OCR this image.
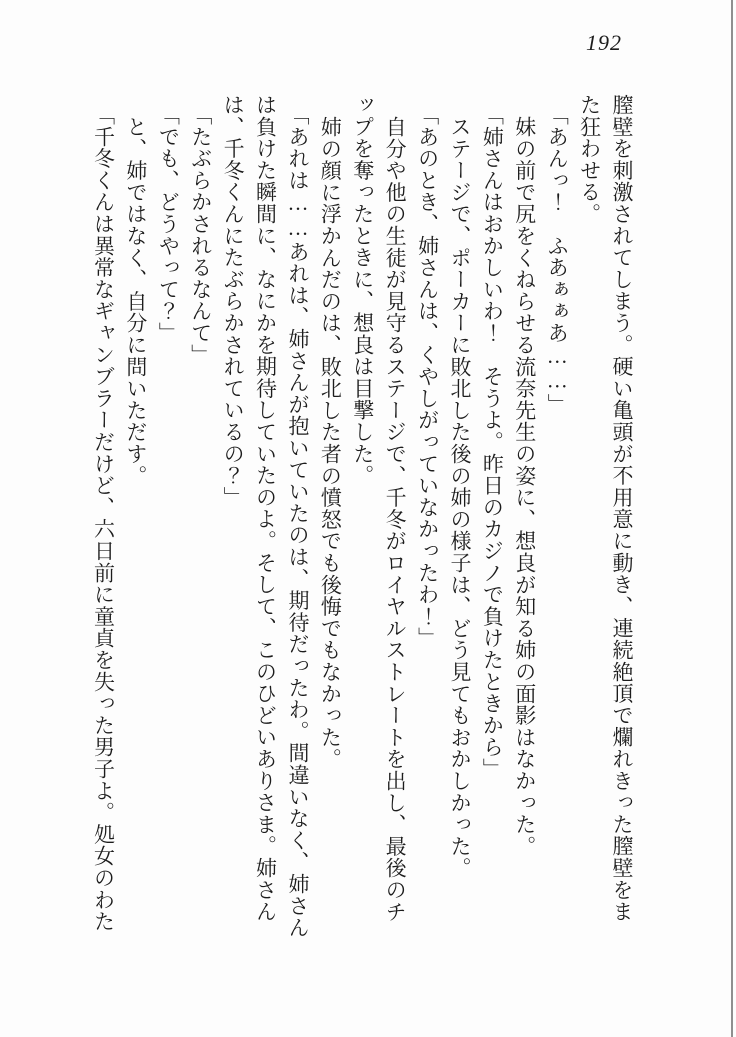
192

膣壁を刺激されてしまう。硬い亀頭が不用意に動き、連続絶頂で爛れきった膣壁をま

た狂わせる。

「あんっ！　ふあぁぁあ……」

妹の前で尻をくねらせる流奈先生の姿に、想良が知る姉の面影はなかった。

「姉さんはおかしいわ！　そうよ。昨日のカジノで負けたときから」

ステージで、ポーカーに敗北した後の姉の様子は、どう見てもおかしかった。

「あのとき、姉さんは、くやしがっていなかったわ！」

自分や他の生徒が見守るステージで、千冬がロイヤルストレートを出し、最後のチ

ップを奪ったときに、想良は目撃した。

姉の顔に浮かんだのは、敗北した者の憤怒でも後悔でもなかった。

「あれは……あれは、姉さんが抱いていたのは、期待だったわ。間違いなく、姉さん

は負けた瞬間に、なにかを期待していたのよ。そして、このひどいありさま。姉さん

は、千冬くんにたぶらかされているの？」

「たぶらかされるなんて」

「でも、どうやって？」

と、姉ではなく、自分に問いただす。

「千冬くんは異常なギャンブラーだけど、六日前に童貞を失った男子よ。処女のわた
